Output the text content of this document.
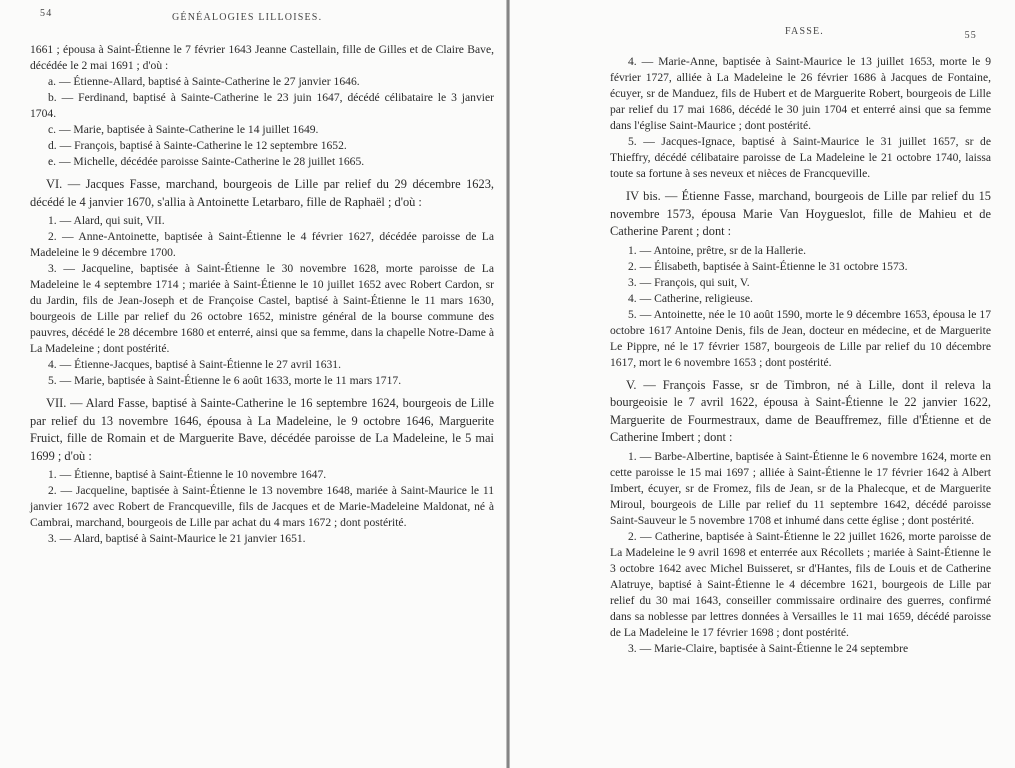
54	GÉNÉALOGIES LILLOISES.

1661 ; épousa à Saint-Étienne le 7 février 1643 Jeanne Castellain, fille de Gilles et de Claire Bave, décédée le 2 mai 1691 ; d'où :

a. — Étienne-Allard, baptisé à Sainte-Catherine le 27 janvier 1646.

b. — Ferdinand, baptisé à Sainte-Catherine le 23 juin 1647, décédé célibataire le 3 janvier 1704.

c. — Marie, baptisée à Sainte-Catherine le 14 juillet 1649.

d. — François, baptisé à Sainte-Catherine le 12 septembre 1652.

e. — Michelle, décédée paroisse Sainte-Catherine le 28 juillet 1665.

VI. — Jacques Fasse, marchand, bourgeois de Lille par relief du 29 décembre 1623, décédé le 4 janvier 1670, s'allia à Antoinette Letarbaro, fille de Raphaël ; d'où :

1. — Alard, qui suit, VII.

2. — Anne-Antoinette, baptisée à Saint-Étienne le 4 février 1627, décédée paroisse de La Madeleine le 9 décembre 1700.

3. — Jacqueline, baptisée à Saint-Étienne le 30 novembre 1628, morte paroisse de La Madeleine le 4 septembre 1714 ; mariée à Saint-Étienne le 10 juillet 1652 avec Robert Cardon, sr du Jardin, fils de Jean-Joseph et de Françoise Castel, baptisé à Saint-Étienne le 11 mars 1630, bourgeois de Lille par relief du 26 octobre 1652, ministre général de la bourse commune des pauvres, décédé le 28 décembre 1680 et enterré, ainsi que sa femme, dans la chapelle Notre-Dame à La Madeleine ; dont postérité.

4. — Étienne-Jacques, baptisé à Saint-Étienne le 27 avril 1631.

5. — Marie, baptisée à Saint-Étienne le 6 août 1633, morte le 11 mars 1717.

VII. — Alard Fasse, baptisé à Sainte-Catherine le 16 septembre 1624, bourgeois de Lille par relief du 13 novembre 1646, épousa à La Madeleine, le 9 octobre 1646, Marguerite Fruict, fille de Romain et de Marguerite Bave, décédée paroisse de La Madeleine, le 5 mai 1699 ; d'où :

1. — Étienne, baptisé à Saint-Étienne le 10 novembre 1647.

2. — Jacqueline, baptisée à Saint-Étienne le 13 novembre 1648, mariée à Saint-Maurice le 11 janvier 1672 avec Robert de Francqueville, fils de Jacques et de Marie-Madeleine Maldonat, né à Cambrai, marchand, bourgeois de Lille par achat du 4 mars 1672 ; dont postérité.

3. — Alard, baptisé à Saint-Maurice le 21 janvier 1651.

FASSE.	55

4. — Marie-Anne, baptisée à Saint-Maurice le 13 juillet 1653, morte le 9 février 1727, alliée à La Madeleine le 26 février 1686 à Jacques de Fontaine, écuyer, sr de Manduez, fils de Hubert et de Marguerite Robert, bourgeois de Lille par relief du 17 mai 1686, décédé le 30 juin 1704 et enterré ainsi que sa femme dans l'église Saint-Maurice ; dont postérité.

5. — Jacques-Ignace, baptisé à Saint-Maurice le 31 juillet 1657, sr de Thieffry, décédé célibataire paroisse de La Madeleine le 21 octobre 1740, laissa toute sa fortune à ses neveux et nièces de Francqueville.

IV bis. — Étienne Fasse, marchand, bourgeois de Lille par relief du 15 novembre 1573, épousa Marie Van Hoygueslot, fille de Mahieu et de Catherine Parent ; dont :

1. — Antoine, prêtre, sr de la Hallerie.

2. — Élisabeth, baptisée à Saint-Étienne le 31 octobre 1573.

3. — François, qui suit, V.

4. — Catherine, religieuse.

5. — Antoinette, née le 10 août 1590, morte le 9 décembre 1653, épousa le 17 octobre 1617 Antoine Denis, fils de Jean, docteur en médecine, et de Marguerite Le Pippre, né le 17 février 1587, bourgeois de Lille par relief du 10 décembre 1617, mort le 6 novembre 1653 ; dont postérité.

V. — François Fasse, sr de Timbron, né à Lille, dont il releva la bourgeoisie le 7 avril 1622, épousa à Saint-Étienne le 22 janvier 1622, Marguerite de Fourmestraux, dame de Beauffremez, fille d'Étienne et de Catherine Imbert ; dont :

1. — Barbe-Albertine, baptisée à Saint-Étienne le 6 novembre 1624, morte en cette paroisse le 15 mai 1697 ; alliée à Saint-Étienne le 17 février 1642 à Albert Imbert, écuyer, sr de Fromez, fils de Jean, sr de la Phalecque, et de Marguerite Miroul, bourgeois de Lille par relief du 11 septembre 1642, décédé paroisse Saint-Sauveur le 5 novembre 1708 et inhumé dans cette église ; dont postérité.

2. — Catherine, baptisée à Saint-Étienne le 22 juillet 1626, morte paroisse de La Madeleine le 9 avril 1698 et enterrée aux Récollets ; mariée à Saint-Étienne le 3 octobre 1642 avec Michel Buisseret, sr d'Hantes, fils de Louis et de Catherine Alatruye, baptisé à Saint-Étienne le 4 décembre 1621, bourgeois de Lille par relief du 30 mai 1643, conseiller commissaire ordinaire des guerres, confirmé dans sa noblesse par lettres données à Versailles le 11 mai 1659, décédé paroisse de La Madeleine le 17 février 1698 ; dont postérité.

3. — Marie-Claire, baptisée à Saint-Étienne le 24 septembre
